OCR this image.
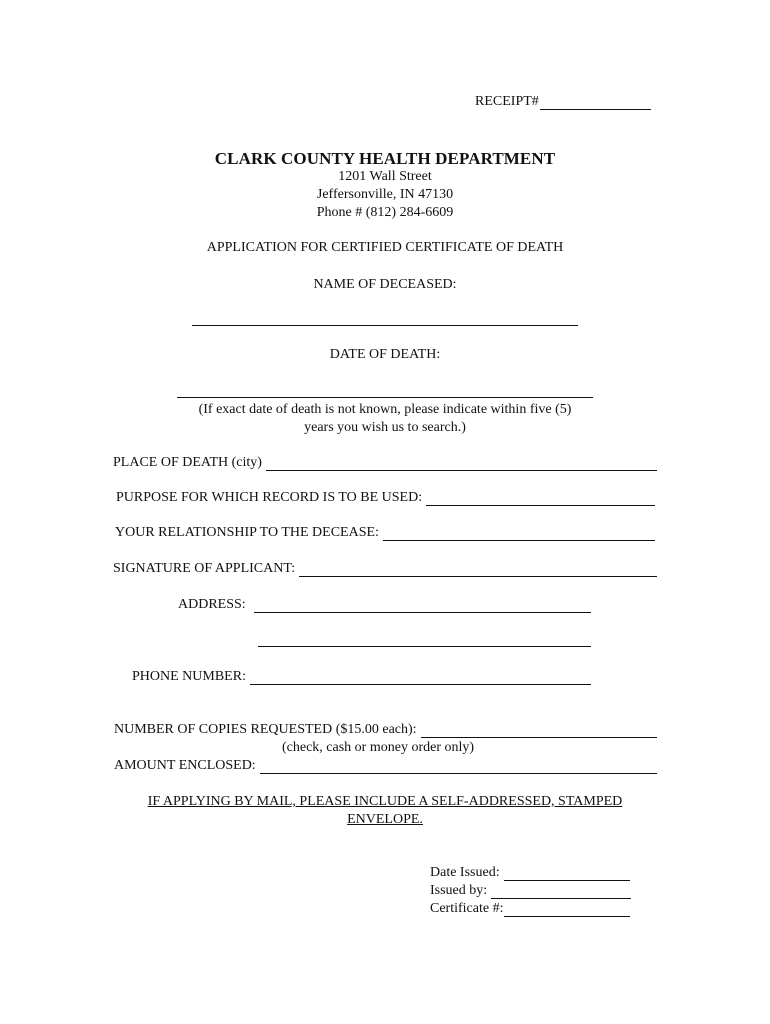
RECEIPT#
CLARK COUNTY HEALTH DEPARTMENT
1201 Wall Street
Jeffersonville, IN 47130
Phone # (812) 284-6609
APPLICATION FOR CERTIFIED CERTIFICATE OF DEATH
NAME OF DECEASED:
DATE OF DEATH:
(If exact date of death is not known, please indicate within five (5)
years you wish us to search.)
PLACE OF DEATH (city)
PURPOSE FOR WHICH RECORD IS TO BE USED:
YOUR RELATIONSHIP TO THE DECEASE:
SIGNATURE OF APPLICANT:
ADDRESS:
PHONE NUMBER:
NUMBER OF COPIES REQUESTED ($15.00 each):
(check, cash or money order only)
AMOUNT ENCLOSED:
IF APPLYING BY MAIL, PLEASE INCLUDE A SELF-ADDRESSED, STAMPED
ENVELOPE.
Date Issued:
Issued by:
Certificate #:
